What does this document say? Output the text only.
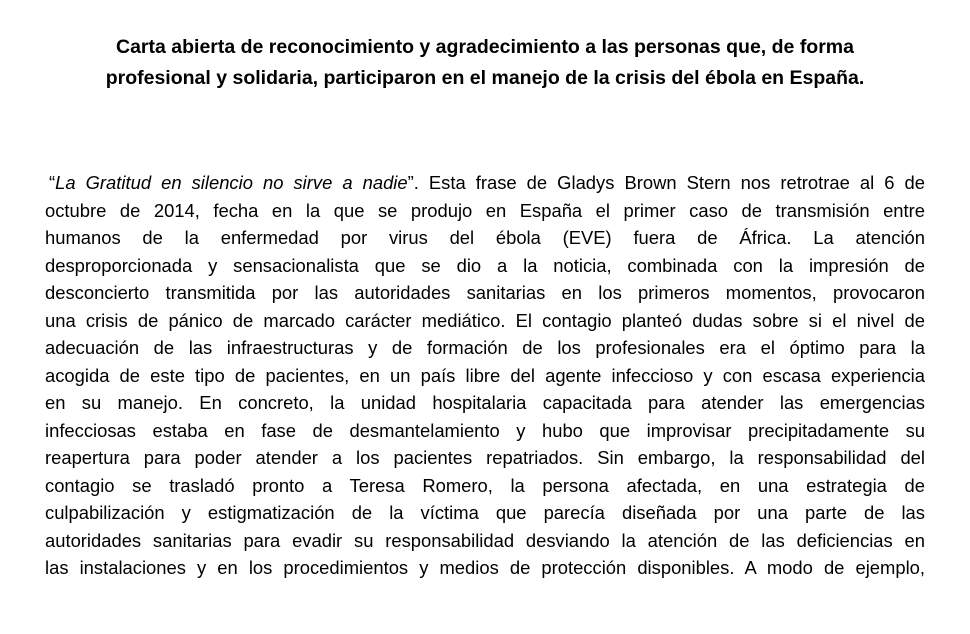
Carta abierta de reconocimiento y agradecimiento a las personas que, de forma
profesional y solidaria, participaron en el manejo de la crisis del ébola en España.
“La Gratitud en silencio no sirve a nadie”. Esta frase de Gladys Brown Stern nos retrotrae al 6 de
octubre de 2014, fecha en la que se produjo en España el primer caso de transmisión entre
humanos de la enfermedad por virus del ébola (EVE) fuera de África. La atención
desproporcionada y sensacionalista que se dio a la noticia, combinada con la impresión de
desconcierto transmitida por las autoridades sanitarias en los primeros momentos, provocaron
una crisis de pánico de marcado carácter mediático. El contagio planteó dudas sobre si el nivel de
adecuación de las infraestructuras y de formación de los profesionales era el óptimo para la
acogida de este tipo de pacientes, en un país libre del agente infeccioso y con escasa experiencia
en su manejo. En concreto, la unidad hospitalaria capacitada para atender las emergencias
infecciosas estaba en fase de desmantelamiento y hubo que improvisar precipitadamente su
reapertura para poder atender a los pacientes repatriados. Sin embargo, la responsabilidad del
contagio se trasladó pronto a Teresa Romero, la persona afectada, en una estrategia de
culpabilización y estigmatización de la víctima que parecía diseñada por una parte de las
autoridades sanitarias para evadir su responsabilidad desviando la atención de las deficiencias en
las instalaciones y en los procedimientos y medios de protección disponibles. A modo de ejemplo,
